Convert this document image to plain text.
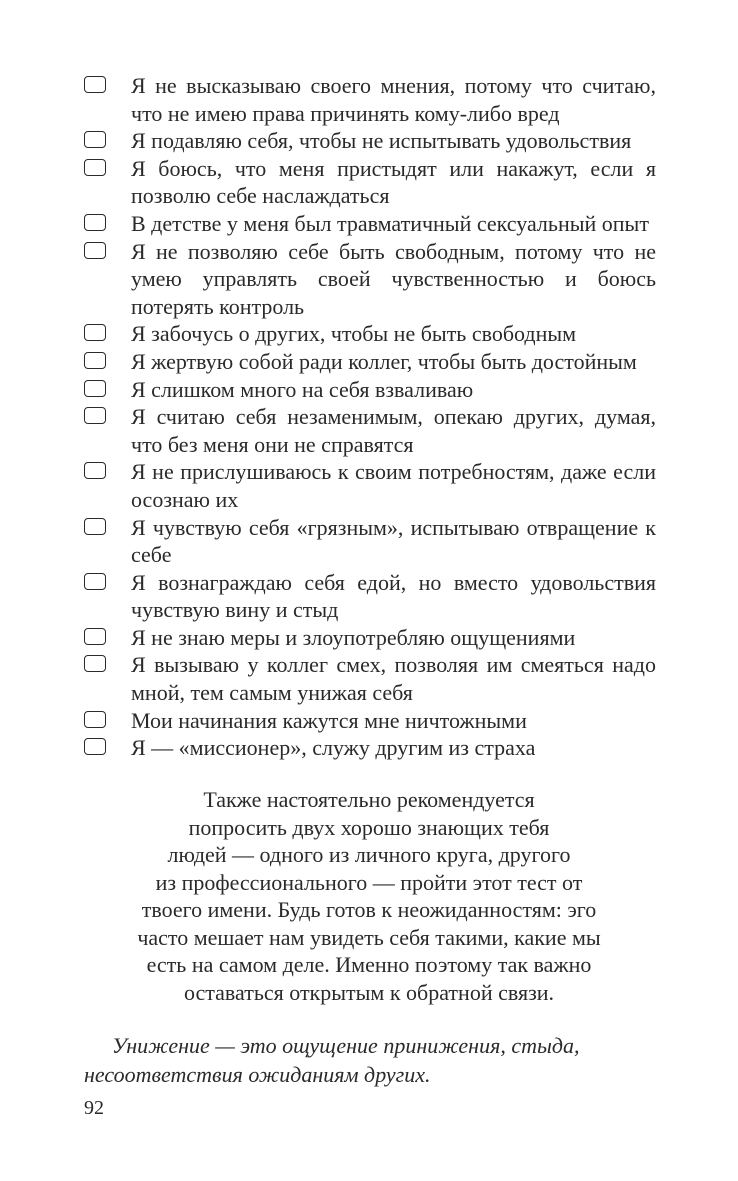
Я не высказываю своего мнения, потому что считаю, что не имею права причинять кому-либо вред
Я подавляю себя, чтобы не испытывать удовольствия
Я боюсь, что меня пристыдят или накажут, если я позволю себе наслаждаться
В детстве у меня был травматичный сексуальный опыт
Я не позволяю себе быть свободным, потому что не умею управлять своей чувственностью и боюсь потерять контроль
Я забочусь о других, чтобы не быть свободным
Я жертвую собой ради коллег, чтобы быть достойным
Я слишком много на себя взваливаю
Я считаю себя незаменимым, опекаю других, думая, что без меня они не справятся
Я не прислушиваюсь к своим потребностям, даже если осознаю их
Я чувствую себя «грязным», испытываю отвращение к себе
Я вознаграждаю себя едой, но вместо удовольствия чувствую вину и стыд
Я не знаю меры и злоупотребляю ощущениями
Я вызываю у коллег смех, позволяя им смеяться надо мной, тем самым унижая себя
Мои начинания кажутся мне ничтожными
Я — «миссионер», служу другим из страха
Также настоятельно рекомендуется
попросить двух хорошо знающих тебя
людей — одного из личного круга, другого
из профессионального — пройти этот тест от
твоего имени. Будь готов к неожиданностям: эго
часто мешает нам увидеть себя такими, какие мы
есть на самом деле. Именно поэтому так важно
оставаться открытым к обратной связи.

Унижение — это ощущение принижения, стыда, несоответствия ожиданиям других.

92
